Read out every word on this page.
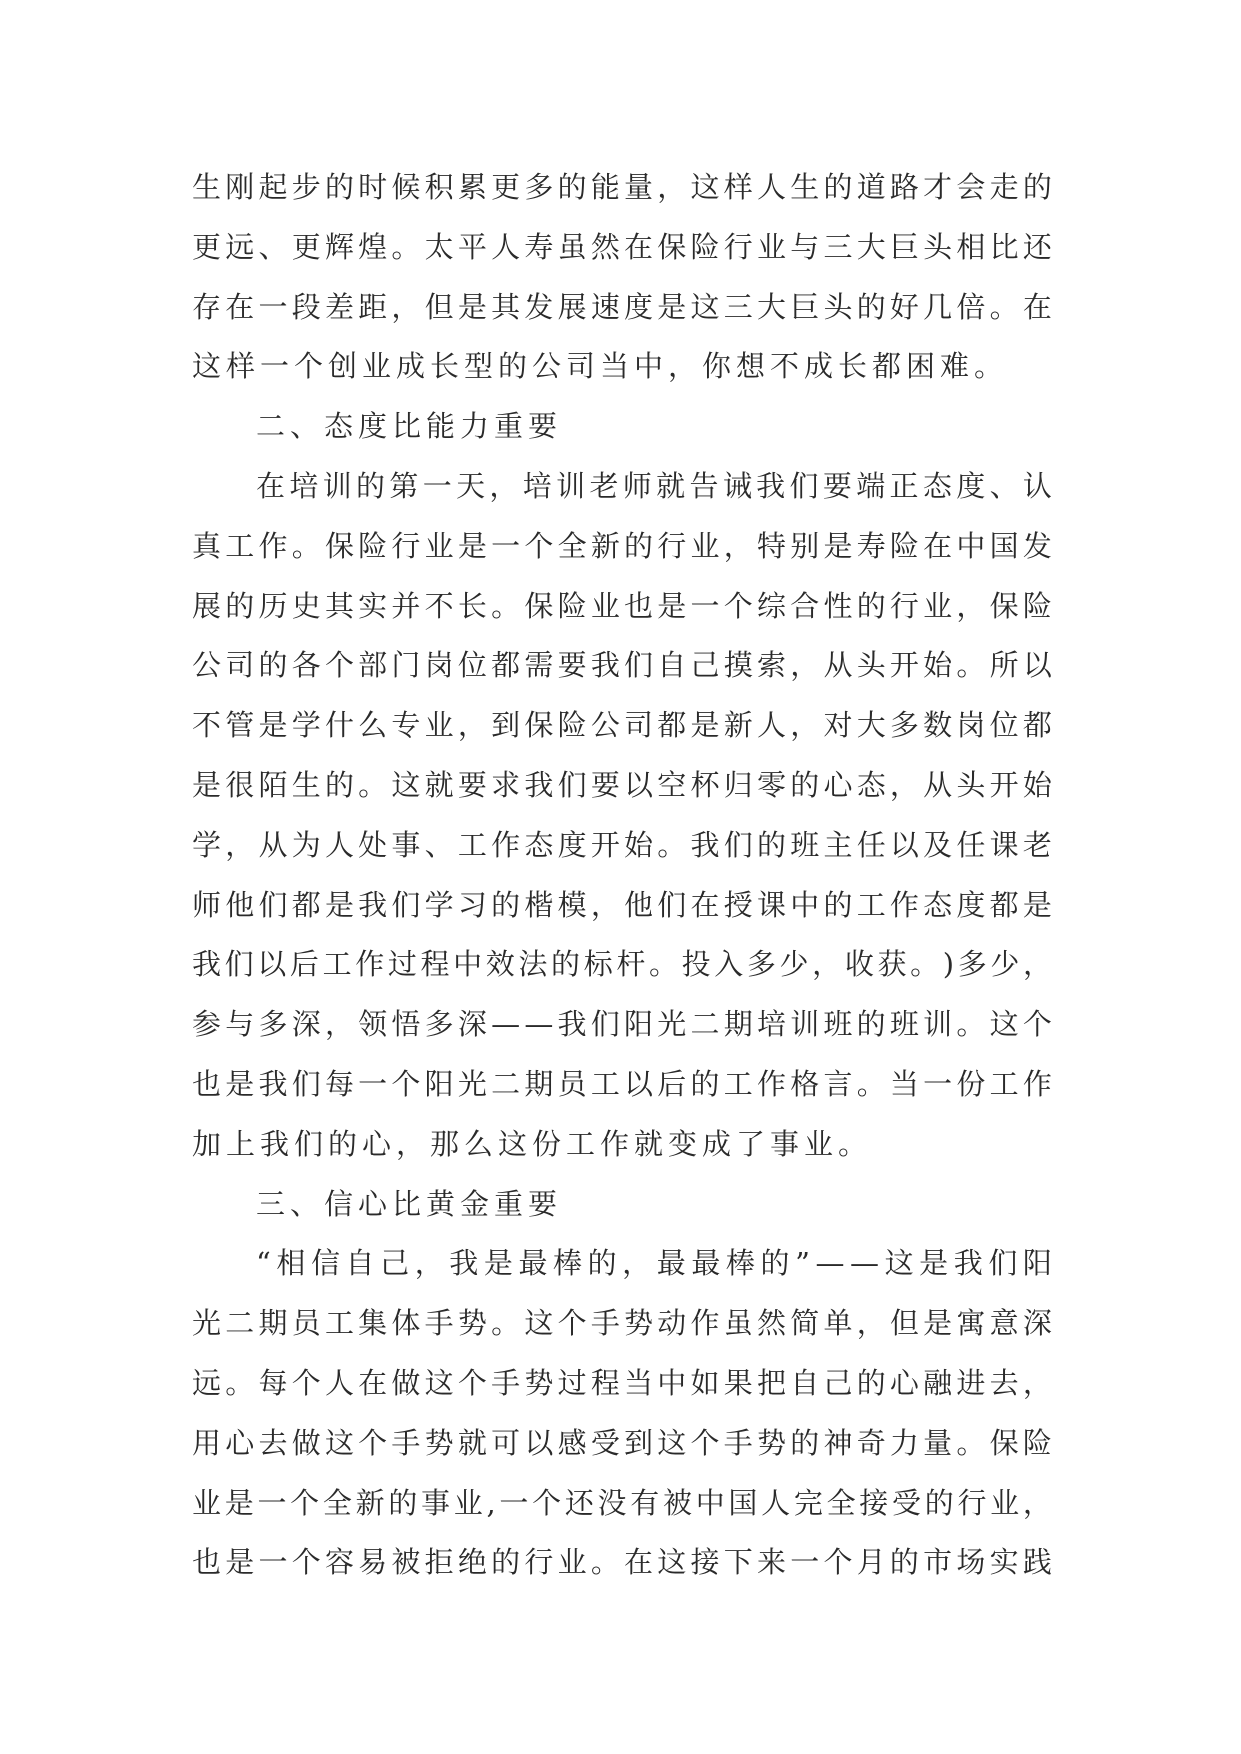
生 刚 起 步 的 时 候 积 累 更 多 的 能 量 ， 这 样 人 生 的 道 路 才 会 走 的
更 远 、 更 辉 煌 。 太 平 人 寿 虽 然 在 保 险 行 业 与 三 大 巨 头 相 比 还
存 在 一 段 差 距 ， 但 是 其 发 展 速 度 是 这 三 大 巨 头 的 好 几 倍 。 在
这样一个创业成长型的公司当中，你想不成长都困难。
二、态度比能力重要
在 培 训 的 第 一 天 ， 培 训 老 师 就 告 诫 我 们 要 端 正 态 度 、 认
真 工 作 。 保 险 行 业 是 一 个 全 新 的 行 业 ， 特 别 是 寿 险 在 中 国 发
展 的 历 史 其 实 并 不 长 。 保 险 业 也 是 一 个 综 合 性 的 行 业 ， 保 险
公 司 的 各 个 部 门 岗 位 都 需 要 我 们 自 己 摸 索 ， 从 头 开 始 。 所 以
不 管 是 学 什 么 专 业 ， 到 保 险 公 司 都 是 新 人 ， 对 大 多 数 岗 位 都
是 很 陌 生 的 。 这 就 要 求 我 们 要 以 空 杯 归 零 的 心 态 ， 从 头 开 始
学 ， 从 为 人 处 事 、 工 作 态 度 开 始 。 我 们 的 班 主 任 以 及 任 课 老
师 他 们 都 是 我 们 学 习 的 楷 模 ， 他 们 在 授 课 中 的 工 作 态 度 都 是
我 们 以 后 工 作 过 程 中 效 法 的 标 杆 。 投 入 多 少 ， 收 获 。 ) 多 少 ，
参 与 多 深 ， 领 悟 多 深 — — 我 们 阳 光 二 期 培 训 班 的 班 训 。 这 个
也 是 我 们 每 一 个 阳 光 二 期 员 工 以 后 的 工 作 格 言 。 当 一 份 工 作
加上我们的心，那么这份工作就变成了事业。
三、信心比黄金重要
“ 相 信 自 己 ， 我 是 最 棒 的 ， 最 最 棒 的 ” — — 这 是 我 们 阳
光 二 期 员 工 集 体 手 势 。 这 个 手 势 动 作 虽 然 简 单 ， 但 是 寓 意 深
远 。 每 个 人 在 做 这 个 手 势 过 程 当 中 如 果 把 自 己 的 心 融 进 去 ，
用 心 去 做 这 个 手 势 就 可 以 感 受 到 这 个 手 势 的 神 奇 力 量 。 保 险
业 是 一 个 全 新 的 事 业 , 一 个 还 没 有 被 中 国 人 完 全 接 受 的 行 业 ，
也 是 一 个 容 易 被 拒 绝 的 行 业 。 在 这 接 下 来 一 个 月 的 市 场 实 践
